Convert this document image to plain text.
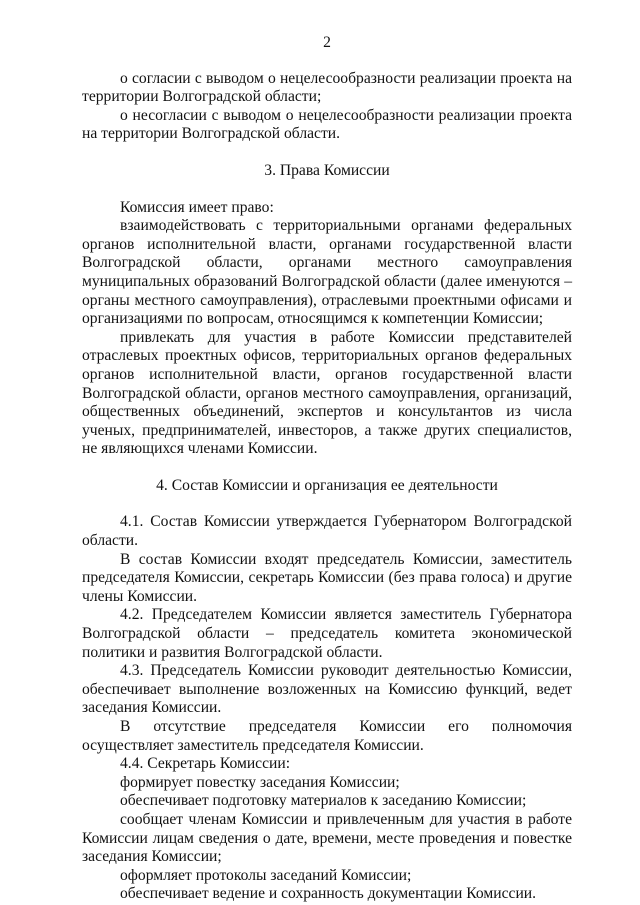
2

о согласии с выводом о нецелесообразности реализации проекта на территории Волгоградской области;

о несогласии с выводом о нецелесообразности реализации проекта на территории Волгоградской области.

3. Права Комиссии

Комиссия имеет право:

взаимодействовать с территориальными органами федеральных органов исполнительной власти, органами государственной власти Волгоградской области, органами местного самоуправления муниципальных образований Волгоградской области (далее именуются – органы местного самоуправления), отраслевыми проектными офисами и организациями по вопросам, относящимся к компетенции Комиссии;

привлекать для участия в работе Комиссии представителей отраслевых проектных офисов, территориальных органов федеральных органов исполнительной власти, органов государственной власти Волгоградской области, органов местного самоуправления, организаций, общественных объединений, экспертов и консультантов из числа ученых, предпринимателей, инвесторов, а также других специалистов, не являющихся членами Комиссии.

4. Состав Комиссии и организация ее деятельности

4.1. Состав Комиссии утверждается Губернатором Волгоградской области.

В состав Комиссии входят председатель Комиссии, заместитель председателя Комиссии, секретарь Комиссии (без права голоса) и другие члены Комиссии.

4.2. Председателем Комиссии является заместитель Губернатора Волгоградской области – председатель комитета экономической политики и развития Волгоградской области.

4.3. Председатель Комиссии руководит деятельностью Комиссии, обеспечивает выполнение возложенных на Комиссию функций, ведет заседания Комиссии.

В отсутствие председателя Комиссии его полномочия осуществляет заместитель председателя Комиссии.

4.4. Секретарь Комиссии:

формирует повестку заседания Комиссии;

обеспечивает подготовку материалов к заседанию Комиссии;

сообщает членам Комиссии и привлеченным для участия в работе Комиссии лицам сведения о дате, времени, месте проведения и повестке заседания Комиссии;

оформляет протоколы заседаний Комиссии;

обеспечивает ведение и сохранность документации Комиссии.
